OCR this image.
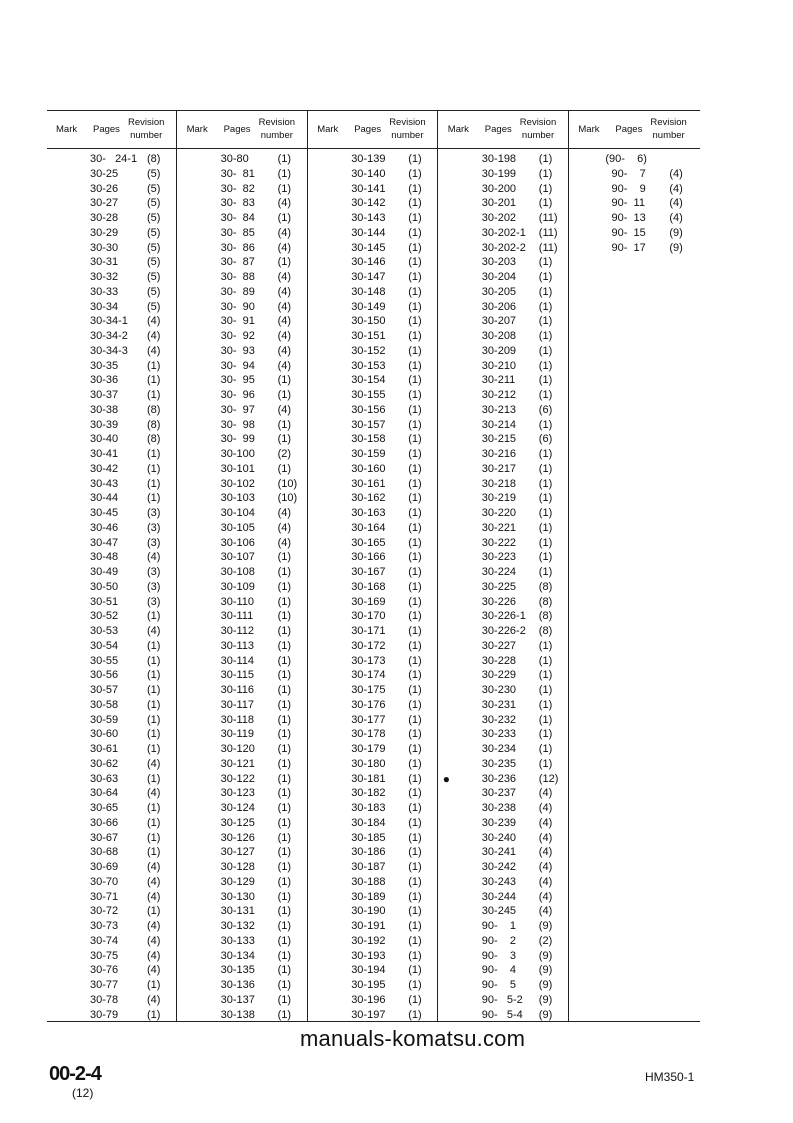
Mark Pages
Revision
number
30-   24-1 (8)
30-25	(5)
30-26	(5)
30-27	(5)
30-28	(5)
30-29	(5)
30-30	(5)
30-31	(5)
30-32	(5)
30-33	(5)
30-34	(5)
30-34-1 (4)
30-34-2 (4)
30-34-3 (4)
30-35	(1)
30-36	(1)
30-37	(1)
30-38	(8)
30-39	(8)
30-40	(8)
30-41	(1)
30-42	(1)
30-43	(1)
30-44	(1)
30-45	(3)
30-46	(3)
30-47	(3)
30-48	(4)
30-49	(3)
30-50	(3)
30-51	(3)
30-52	(1)
30-53	(4)
30-54	(1)
30-55	(1)
30-56	(1)
30-57	(1)
30-58	(1)
30-59	(1)
30-60	(1)
30-61	(1)
30-62	(4)
30-63	(1)
30-64	(4)
30-65	(1)
30-66	(1)
30-67	(1)
30-68	(1)
30-69	(4)
30-70	(4)
30-71	(4)
30-72	(1)
30-73	(4)
30-74	(4)
30-75	(4)
30-76	(4)
30-77	(1)
30-78	(4)
30-79	(1)
Mark Pages
Revision
number
30-80	(1)
30-  81 (1)
30-  82 (1)
30-  83 (4)
30-  84 (1)
30-  85 (4)
30-  86 (4)
30-  87 (1)
30-  88 (4)
30-  89 (4)
30-  90 (4)
30-  91 (4)
30-  92 (4)
30-  93 (4)
30-  94 (4)
30-  95 (1)
30-  96 (1)
30-  97 (4)
30-  98 (1)
30-  99 (1)
30-100 (2)
30-101 (1)
30-102 (10)
30-103 (10)
30-104 (4)
30-105 (4)
30-106 (4)
30-107 (1)
30-108 (1)
30-109 (1)
30-110 (1)
30-111 (1)
30-112 (1)
30-113 (1)
30-114 (1)
30-115 (1)
30-116 (1)
30-117 (1)
30-118 (1)
30-119 (1)
30-120 (1)
30-121 (1)
30-122 (1)
30-123 (1)
30-124 (1)
30-125 (1)
30-126 (1)
30-127 (1)
30-128 (1)
30-129 (1)
30-130 (1)
30-131 (1)
30-132 (1)
30-133 (1)
30-134 (1)
30-135 (1)
30-136 (1)
30-137 (1)
30-138 (1)
Mark Pages
Revision
number
30-139 (1)
30-140 (1)
30-141 (1)
30-142 (1)
30-143 (1)
30-144 (1)
30-145 (1)
30-146 (1)
30-147 (1)
30-148 (1)
30-149 (1)
30-150 (1)
30-151 (1)
30-152 (1)
30-153 (1)
30-154 (1)
30-155 (1)
30-156 (1)
30-157 (1)
30-158 (1)
30-159 (1)
30-160 (1)
30-161 (1)
30-162 (1)
30-163 (1)
30-164 (1)
30-165 (1)
30-166 (1)
30-167 (1)
30-168 (1)
30-169 (1)
30-170 (1)
30-171 (1)
30-172 (1)
30-173 (1)
30-174 (1)
30-175 (1)
30-176 (1)
30-177 (1)
30-178 (1)
30-179 (1)
30-180 (1)
30-181 (1)
30-182 (1)
30-183 (1)
30-184 (1)
30-185 (1)
30-186 (1)
30-187 (1)
30-188 (1)
30-189 (1)
30-190 (1)
30-191 (1)
30-192 (1)
30-193 (1)
30-194 (1)
30-195 (1)
30-196 (1)
30-197 (1)
Mark Pages
Revision
number
30-198 (1)
30-199 (1)
30-200 (1)
30-201 (1)
30-202 (11)
30-202-1 (11)
30-202-2 (11)
30-203 (1)
30-204 (1)
30-205 (1)
30-206 (1)
30-207 (1)
30-208 (1)
30-209 (1)
30-210 (1)
30-211 (1)
30-212 (1)
30-213 (6)
30-214 (1)
30-215 (6)
30-216 (1)
30-217 (1)
30-218 (1)
30-219 (1)
30-220 (1)
30-221 (1)
30-222 (1)
30-223 (1)
30-224 (1)
30-225 (8)
30-226 (8)
30-226-1 (8)
30-226-2 (8)
30-227 (1)
30-228 (1)
30-229 (1)
30-230 (1)
30-231 (1)
30-232 (1)
30-233 (1)
30-234 (1)
30-235 (1)
●	30-236 (12)
30-237 (4)
30-238 (4)
30-239 (4)
30-240 (4)
30-241 (4)
30-242 (4)
30-243 (4)
30-244 (4)
30-245 (4)
90-    1 (9)
90-    2 (2)
90-    3 (9)
90-    4 (9)
90-    5 (9)
90-   5-2 (9)
90-   5-4 (9)
Mark Pages
Revision
number
(90-    6)
90-    7 (4)
90-    9 (4)
90-  11 (4)
90-  13 (4)
90-  15 (9)
90-  17 (9)
manuals-komatsu.com
00-2-4
(12)
HM350-1
